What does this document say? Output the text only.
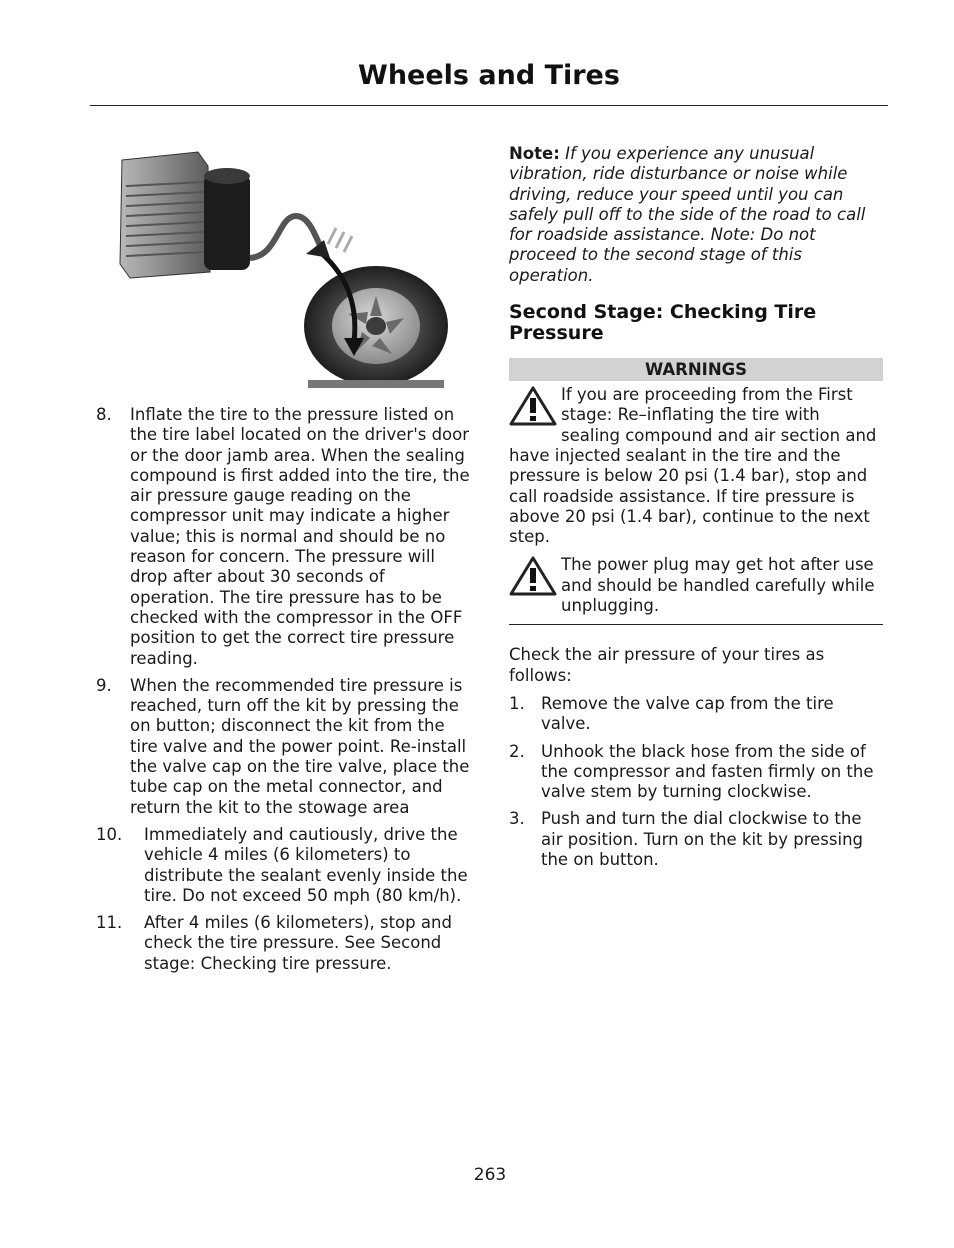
Wheels and Tires
8.	Inflate the tire to the pressure listed on the tire label located on the driver's door or the door jamb area. When the sealing compound is first added into the tire, the air pressure gauge reading on the compressor unit may indicate a higher value; this is normal and should be no reason for concern. The pressure will drop after about 30 seconds of operation. The tire pressure has to be checked with the compressor in the OFF position to get the correct tire pressure reading.
9.	When the recommended tire pressure is reached, turn off the kit by pressing the on button; disconnect the kit from the tire valve and the power point. Re-install the valve cap on the tire valve, place the tube cap on the metal connector, and return the kit to the stowage area
10.	Immediately and cautiously, drive the vehicle 4 miles (6 kilometers) to distribute the sealant evenly inside the tire. Do not exceed 50 mph (80 km/h).
11.	After 4 miles (6 kilometers), stop and check the tire pressure. See Second stage: Checking tire pressure.

Note: If you experience any unusual vibration, ride disturbance or noise while driving, reduce your speed until you can safely pull off to the side of the road to call for roadside assistance. Note: Do not proceed to the second stage of this operation.

Second Stage: Checking Tire Pressure
WARNINGS

If you are proceeding from the First stage: Re–inflating the tire with sealing compound and air section and have injected sealant in the tire and the pressure is below 20 psi (1.4 bar), stop and call roadside assistance. If tire pressure is above 20 psi (1.4 bar), continue to the next step.

The power plug may get hot after use and should be handled carefully while unplugging.

Check the air pressure of your tires as follows:

1. Remove the valve cap from the tire valve.
2. Unhook the black hose from the side of the compressor and fasten firmly on the valve stem by turning clockwise.
3. Push and turn the dial clockwise to the air position. Turn on the kit by pressing the on button.
263
